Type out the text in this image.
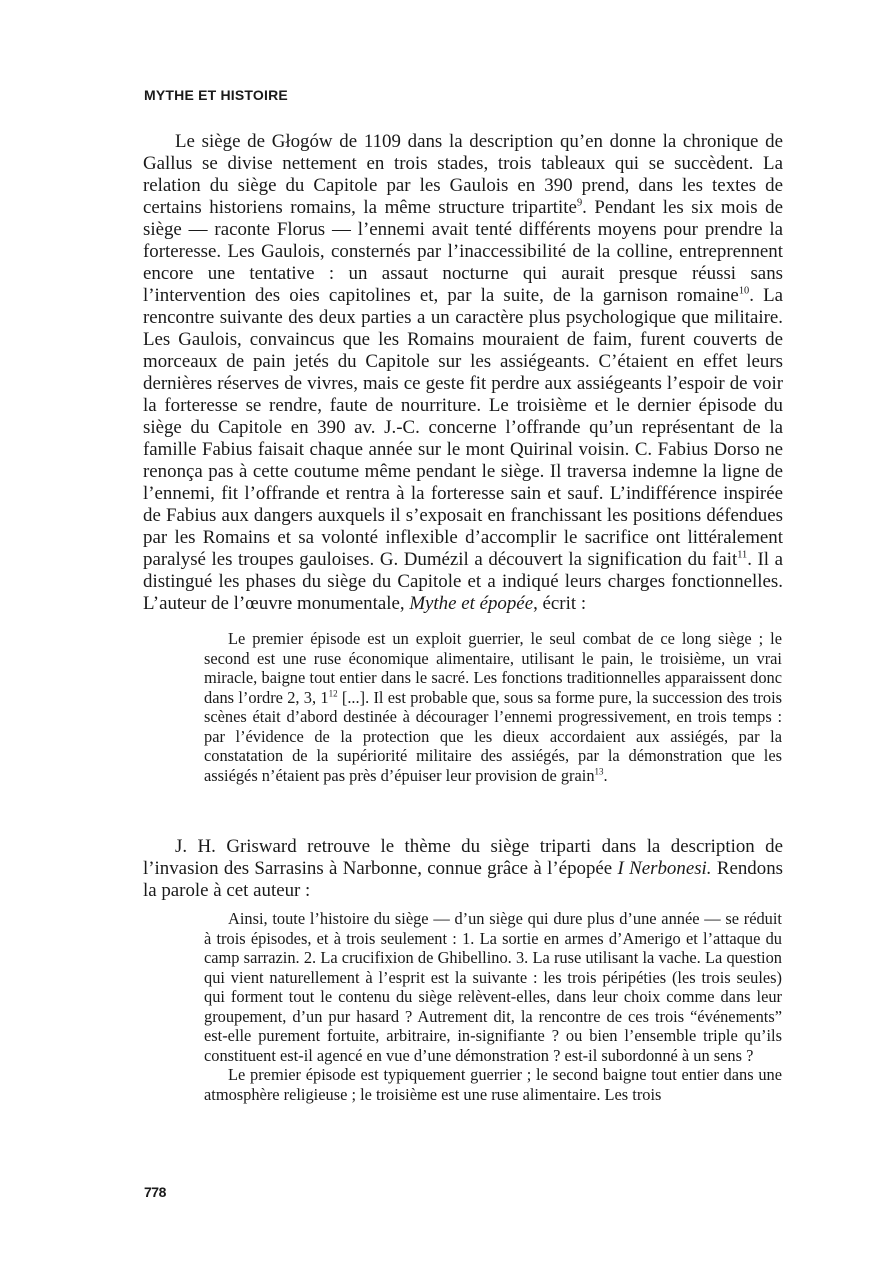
MYTHE ET HISTOIRE

Le siège de Głogów de 1109 dans la description qu’en donne la chronique de Gallus se divise nettement en trois stades, trois tableaux qui se succèdent. La relation du siège du Capitole par les Gaulois en 390 prend, dans les textes de certains historiens romains, la même structure tripartite$^9$. Pendant les six mois de siège — raconte Florus — l’ennemi avait tenté différents moyens pour prendre la forteresse. Les Gaulois, consternés par l’inaccessibilité de la colline, entreprennent encore une tentative : un assaut nocturne qui aurait presque réussi sans l’intervention des oies capitolines et, par la suite, de la garnison romaine$^{10}$. La rencontre suivante des deux parties a un caractère plus psychologique que militaire. Les Gaulois, convaincus que les Romains mouraient de faim, furent couverts de morceaux de pain jetés du Capitole sur les assiégeants. C’étaient en effet leurs dernières réserves de vivres, mais ce geste fit perdre aux assiégeants l’espoir de voir la forteresse se rendre, faute de nourriture. Le troisième et le dernier épisode du siège du Capitole en 390 av. J.-C. concerne l’offrande qu’un représentant de la famille Fabius faisait chaque année sur le mont Quirinal voisin. C. Fabius Dorso ne renonça pas à cette coutume même pendant le siège. Il traversa indemne la ligne de l’ennemi, fit l’offrande et rentra à la forteresse sain et sauf. L’indifférence inspirée de Fabius aux dangers auxquels il s’exposait en franchissant les positions défendues par les Romains et sa volonté inflexible d’accomplir le sacrifice ont littéralement paralysé les troupes gauloises. G. Dumézil a découvert la signification du fait$^{11}$. Il a distingué les phases du siège du Capitole et a indiqué leurs charges fonctionnelles. L’auteur de l’œuvre monumentale, Mythe et épopée, écrit :

Le premier épisode est un exploit guerrier, le seul combat de ce long siège ; le second est une ruse économique alimentaire, utilisant le pain, le troisième, un vrai miracle, baigne tout entier dans le sacré. Les fonctions traditionnelles apparaissent donc dans l’ordre 2, 3, $1^{12}$ [...]. Il est probable que, sous sa forme pure, la succession des trois scènes était d’abord destinée à décourager l’ennemi progressivement, en trois temps : par l’évidence de la protection que les dieux accordaient aux assiégés, par la constatation de la supériorité militaire des assiégés, par la démonstration que les assiégés n’étaient pas près d’épuiser leur provision de grain$^{13}$.

J. H. Grisward retrouve le thème du siège triparti dans la description de l’invasion des Sarrasins à Narbonne, connue grâce à l’épopée I Nerbonesi. Rendons la parole à cet auteur :

Ainsi, toute l’histoire du siège — d’un siège qui dure plus d’une année — se réduit à trois épisodes, et à trois seulement : 1. La sortie en armes d’Amerigo et l’attaque du camp sarrazin. 2. La crucifixion de Ghibellino. 3. La ruse utilisant la vache. La question qui vient naturellement à l’esprit est la suivante : les trois péripéties (les trois seules) qui forment tout le contenu du siège relèvent-elles, dans leur choix comme dans leur groupement, d’un pur hasard ? Autrement dit, la rencontre de ces trois “événements” est-elle purement fortuite, arbitraire, in-signifiante ? ou bien l’ensemble triple qu’ils constituent est-il agencé en vue d’une démonstration ? est-il subordonné à un sens ?

Le premier épisode est typiquement guerrier ; le second baigne tout entier dans une atmosphère religieuse ; le troisième est une ruse alimentaire. Les trois

778
